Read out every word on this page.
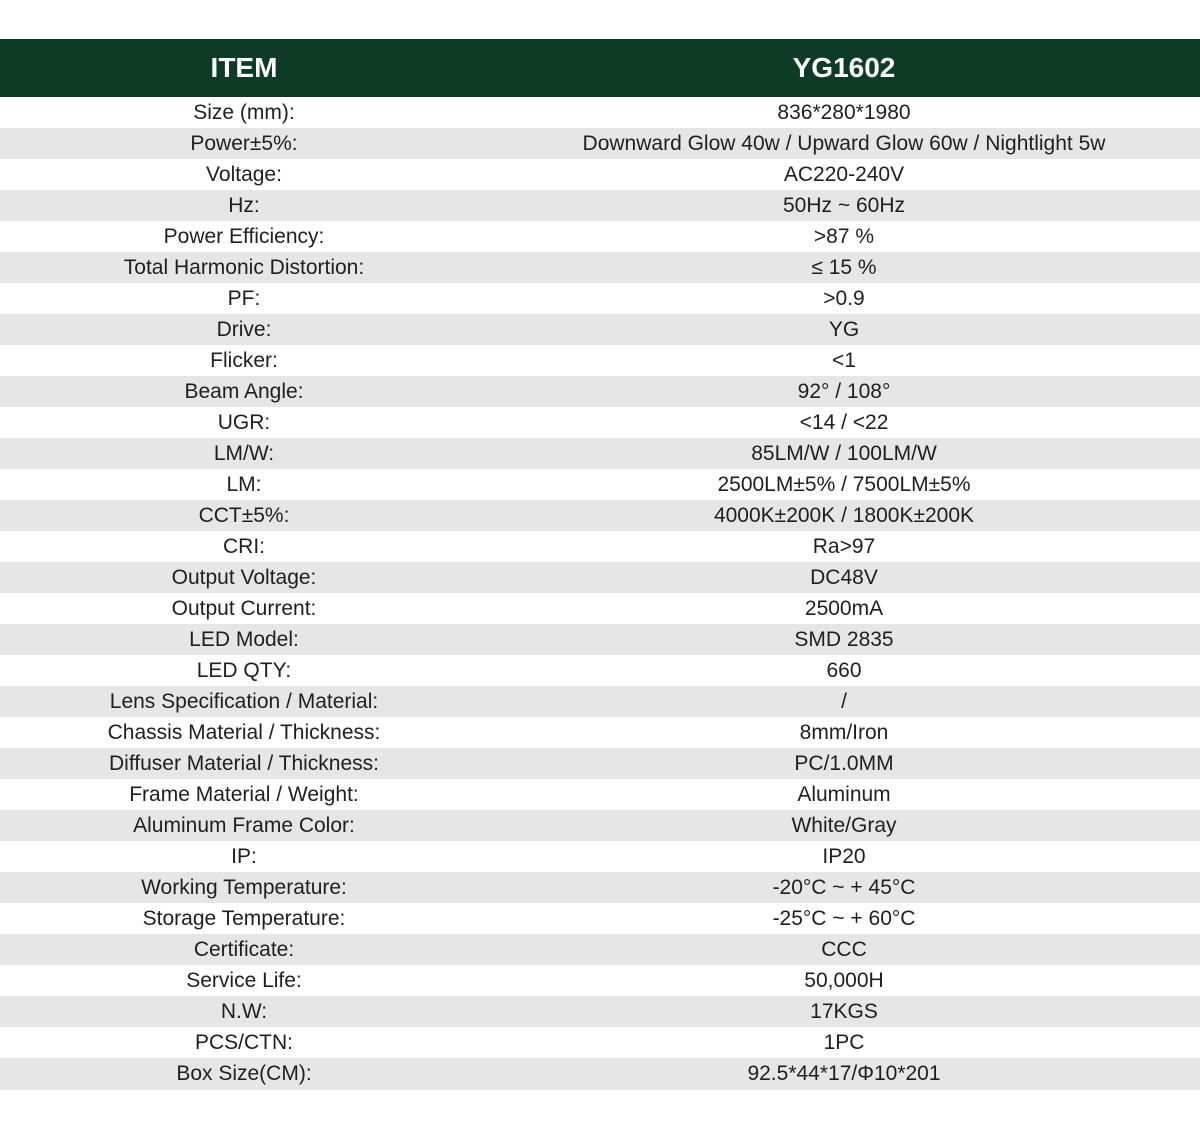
ITEM	YG1602
Size (mm):	836*280*1980
Power±5%:	Downward Glow 40w / Upward Glow 60w / Nightlight 5w
Voltage:	AC220-240V
Hz:	50Hz ~ 60Hz
Power Efficiency:	>87 %
Total Harmonic Distortion:	≤ 15 %
PF:	>0.9
Drive:	YG
Flicker:	<1
Beam Angle:	92° / 108°
UGR:	<14 / <22
LM/W:	85LM/W / 100LM/W
LM:	2500LM±5% / 7500LM±5%
CCT±5%:	4000K±200K / 1800K±200K
CRI:	Ra>97
Output Voltage:	DC48V
Output Current:	2500mA
LED Model:	SMD 2835
LED QTY:	660
Lens Specification / Material:	/
Chassis Material / Thickness:	8mm/Iron
Diffuser Material / Thickness:	PC/1.0MM
Frame Material / Weight:	Aluminum
Aluminum Frame Color:	White/Gray
IP:	IP20
Working Temperature:	-20°C ~ + 45°C
Storage Temperature:	-25°C ~ + 60°C
Certificate:	CCC
Service Life:	50,000H
N.W:	17KGS
PCS/CTN:	1PC
Box Size(CM):	92.5*44*17/Φ10*201
